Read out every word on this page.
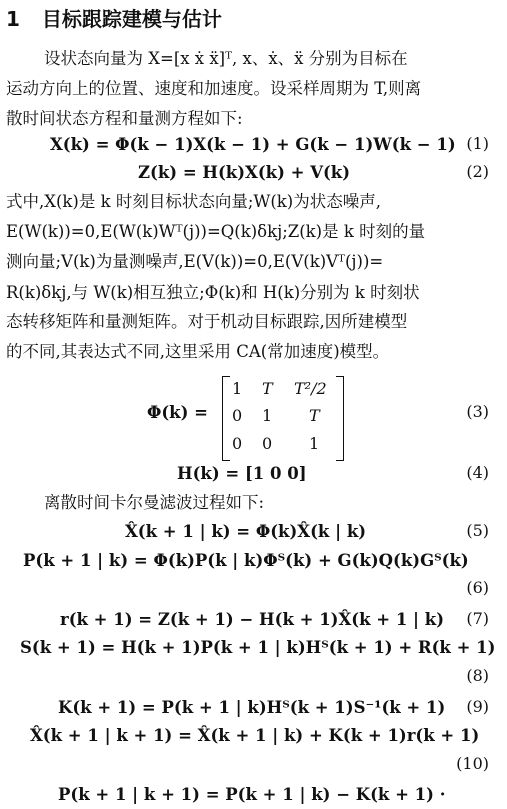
1 目标跟踪建模与估计
设状态向量为 X=[x ẋ ẍ]ᵀ, x、ẋ、ẍ 分别为目标在
运动方向上的位置、速度和加速度。设采样周期为 T,则离
散时间状态方程和量测方程如下:
X(k) = Φ(k − 1)X(k − 1) + G(k − 1)W(k − 1) (1)
Z(k) = H(k)X(k) + V(k)	(2)
式中,X(k)是 k 时刻目标状态向量;W(k)为状态噪声,
E(W(k))=0,E(W(k)Wᵀ(j))=Q(k)δkj;Z(k)是 k 时刻的量
测向量;V(k)为量测噪声,E(V(k))=0,E(V(k)Vᵀ(j))=
R(k)δkj,与 W(k)相互独立;Φ(k)和 H(k)分别为 k 时刻状
态转移矩阵和量测矩阵。对于机动目标跟踪,因所建模型
的不同,其表达式不同,这里采用 CA(常加速度)模型。
Φ(k) =
1 T T²/2
0 1 T
0 0 1
(3)
H(k) = [1 0 0]	(4)
离散时间卡尔曼滤波过程如下:
X̂(k + 1 | k) = Φ(k)X̂(k | k)	(5)
P(k + 1 | k) = Φ(k)P(k | k)Φᵀ(k) + G(k)Q(k)Gᵀ(k)
(6)
r(k + 1) = Z(k + 1) − H(k + 1)X̂(k + 1 | k) (7)
S(k + 1) = H(k + 1)P(k + 1 | k)Hᵀ(k + 1) + R(k + 1)
(8)
K(k + 1) = P(k + 1 | k)Hᵀ(k + 1)S⁻¹(k + 1) (9)
X̂(k + 1 | k + 1) = X̂(k + 1 | k) + K(k + 1)r(k + 1)
(10)
P(k + 1 | k + 1) = P(k + 1 | k) − K(k + 1) ·
